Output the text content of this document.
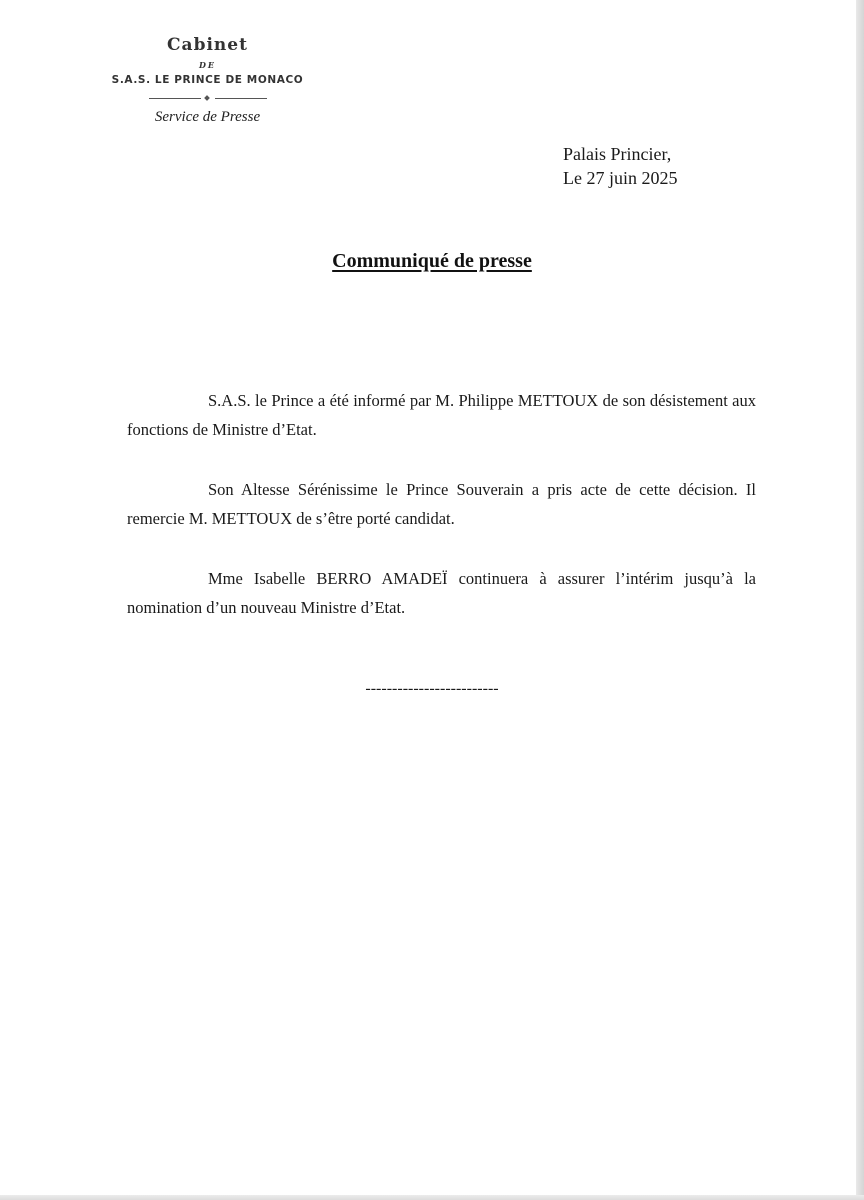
Cabinet
DE
S.A.S. LE PRINCE DE MONACO
Service de Presse
Palais Princier,
Le 27 juin 2025
Communiqué de presse

S.A.S. le Prince a été informé par M. Philippe METTOUX de son désistement aux fonctions de Ministre d’Etat.

Son Altesse Sérénissime le Prince Souverain a pris acte de cette décision. Il remercie M. METTOUX de s’être porté candidat.

Mme Isabelle BERRO AMADEÏ continuera à assurer l’intérim jusqu’à la nomination d’un nouveau Ministre d’Etat.

-------------------------
